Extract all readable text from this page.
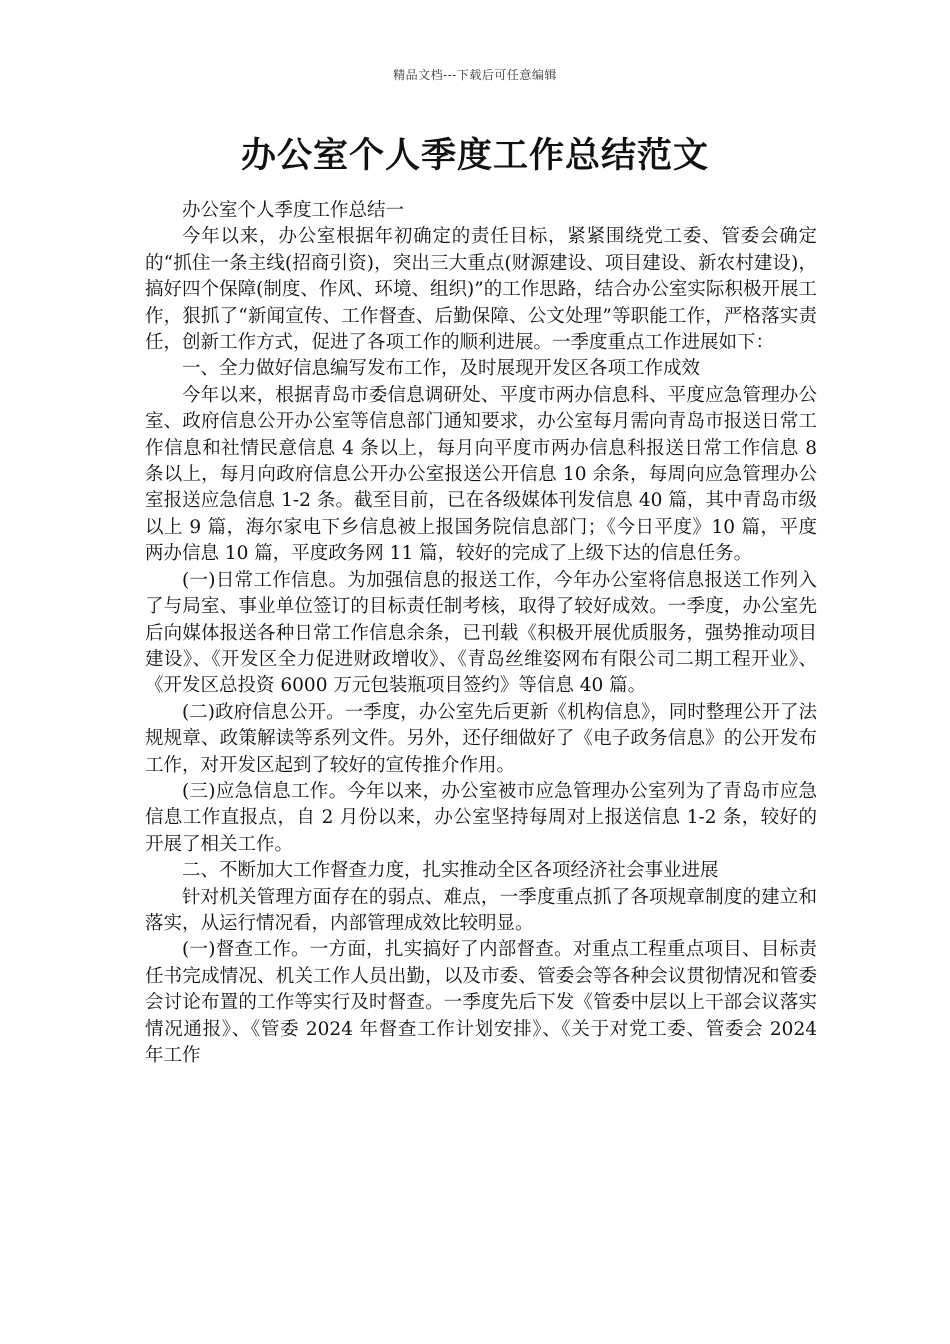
精品文档---下载后可任意编辑
办公室个人季度工作总结范文

办公室个人季度工作总结一

今年以来，办公室根据年初确定的责任目标，紧紧围绕党工委、管委会确定的“抓住一条主线(招商引资)，突出三大重点(财源建设、项目建设、新农村建设)，搞好四个保障(制度、作风、环境、组织)”的工作思路，结合办公室实际积极开展工作，狠抓了“新闻宣传、工作督查、后勤保障、公文处理”等职能工作，严格落实责任，创新工作方式，促进了各项工作的顺利进展。一季度重点工作进展如下：

一、全力做好信息编写发布工作，及时展现开发区各项工作成效

今年以来，根据青岛市委信息调研处、平度市两办信息科、平度应急管理办公室、政府信息公开办公室等信息部门通知要求，办公室每月需向青岛市报送日常工作信息和社情民意信息 4 条以上，每月向平度市两办信息科报送日常工作信息 8 条以上，每月向政府信息公开办公室报送公开信息 10 余条，每周向应急管理办公室报送应急信息 1-2 条。截至目前，已在各级媒体刊发信息 40 篇，其中青岛市级以上 9 篇，海尔家电下乡信息被上报国务院信息部门；《今日平度》10 篇，平度两办信息 10 篇，平度政务网 11 篇，较好的完成了上级下达的信息任务。

(一)日常工作信息。为加强信息的报送工作，今年办公室将信息报送工作列入了与局室、事业单位签订的目标责任制考核，取得了较好成效。一季度，办公室先后向媒体报送各种日常工作信息余条，已刊载《积极开展优质服务，强势推动项目建设》、《开发区全力促进财政增收》、《青岛丝维姿网布有限公司二期工程开业》、《开发区总投资 6000 万元包装瓶项目签约》等信息 40 篇。

(二)政府信息公开。一季度，办公室先后更新《机构信息》，同时整理公开了法规规章、政策解读等系列文件。另外，还仔细做好了《电子政务信息》的公开发布工作，对开发区起到了较好的宣传推介作用。

(三)应急信息工作。今年以来，办公室被市应急管理办公室列为了青岛市应急信息工作直报点，自 2 月份以来，办公室坚持每周对上报送信息 1-2 条，较好的开展了相关工作。

二、不断加大工作督查力度，扎实推动全区各项经济社会事业进展

针对机关管理方面存在的弱点、难点，一季度重点抓了各项规章制度的建立和落实，从运行情况看，内部管理成效比较明显。

(一)督查工作。一方面，扎实搞好了内部督查。对重点工程重点项目、目标责任书完成情况、机关工作人员出勤，以及市委、管委会等各种会议贯彻情况和管委会讨论布置的工作等实行及时督查。一季度先后下发《管委中层以上干部会议落实情况通报》、《管委 2024 年督查工作计划安排》、《关于对党工委、管委会 2024 年工作
